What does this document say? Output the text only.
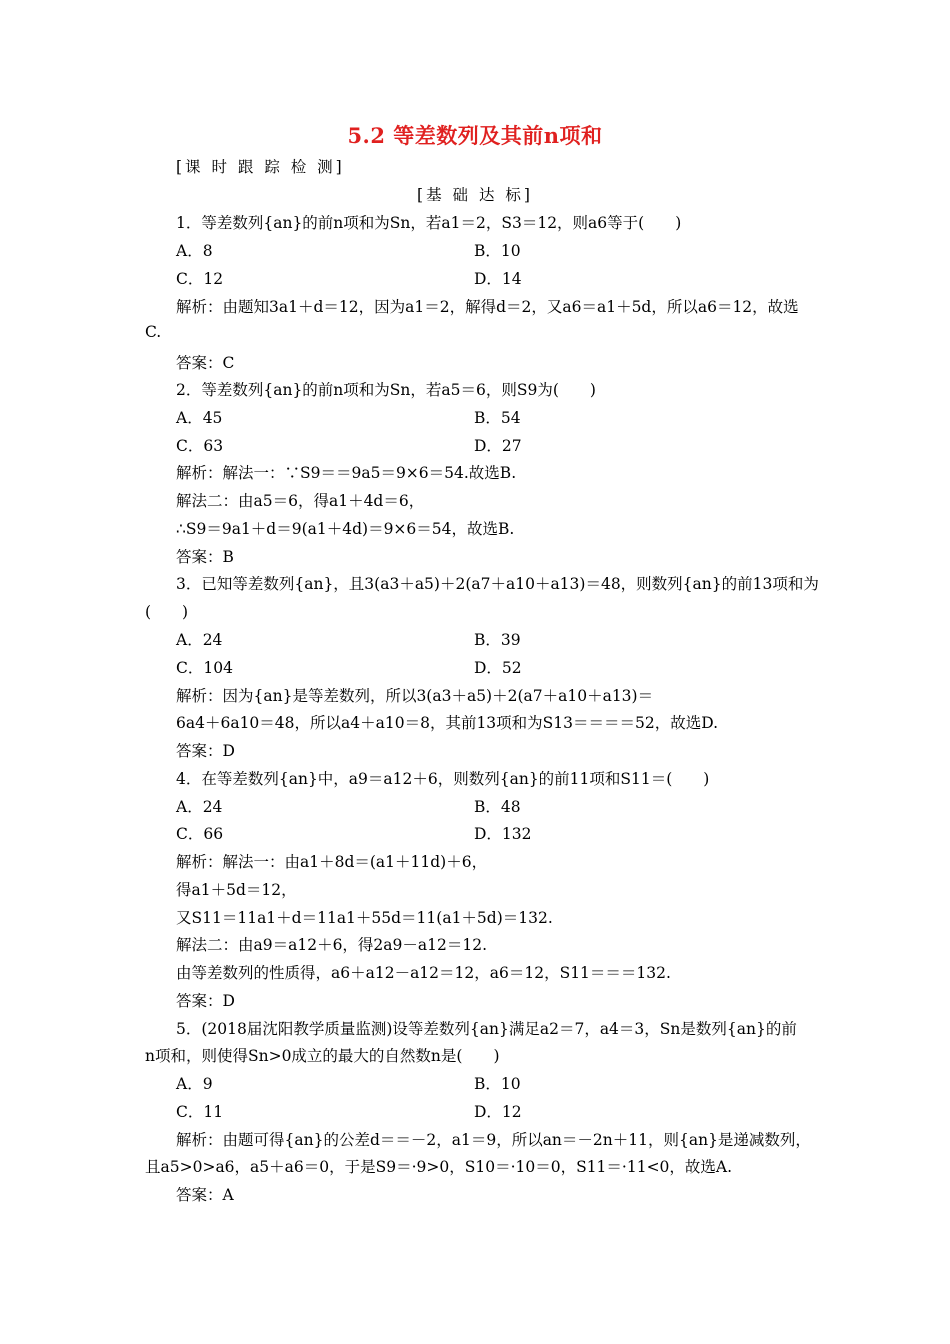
5.2 等差数列及其前n项和
[课 时 跟 踪 检 测]
[基 础 达 标]
1．等差数列{an}的前n项和为Sn，若a1＝2，S3＝12，则a6等于(　　)
A．8	B．10
C．12	D．14
解析：由题知3a1＋d＝12，因为a1＝2，解得d＝2，又a6＝a1＋5d，所以a6＝12，故选
C.
答案：C
2．等差数列{an}的前n项和为Sn，若a5＝6，则S9为(　　)
A．45	B．54
C．63	D．27
解析：解法一：∵S9＝＝9a5＝9×6＝54.故选B.
解法二：由a5＝6，得a1＋4d＝6，
∴S9＝9a1＋d＝9(a1＋4d)＝9×6＝54，故选B.
答案：B
3．已知等差数列{an}，且3(a3＋a5)＋2(a7＋a10＋a13)＝48，则数列{an}的前13项和为
(　　)
A．24	B．39
C．104	D．52
解析：因为{an}是等差数列，所以3(a3＋a5)＋2(a7＋a10＋a13)＝
6a4＋6a10＝48，所以a4＋a10＝8，其前13项和为S13＝＝＝＝52，故选D.
答案：D
4．在等差数列{an}中，a9＝a12＋6，则数列{an}的前11项和S11＝(　　)
A．24	B．48
C．66	D．132
解析：解法一：由a1＋8d＝(a1＋11d)＋6，
得a1＋5d＝12，
又S11＝11a1＋d＝11a1＋55d＝11(a1＋5d)＝132.
解法二：由a9＝a12＋6，得2a9－a12＝12.
由等差数列的性质得，a6＋a12－a12＝12，a6＝12，S11＝＝＝132.
答案：D
5．(2018届沈阳教学质量监测)设等差数列{an}满足a2＝7，a4＝3，Sn是数列{an}的前
n项和，则使得Sn>0成立的最大的自然数n是(　　)
A．9	B．10
C．11	D．12
解析：由题可得{an}的公差d＝＝－2，a1＝9，所以an＝－2n＋11，则{an}是递减数列，
且a5>0>a6，a5＋a6＝0，于是S9＝·9>0，S10＝·10＝0，S11＝·11<0，故选A.
答案：A
